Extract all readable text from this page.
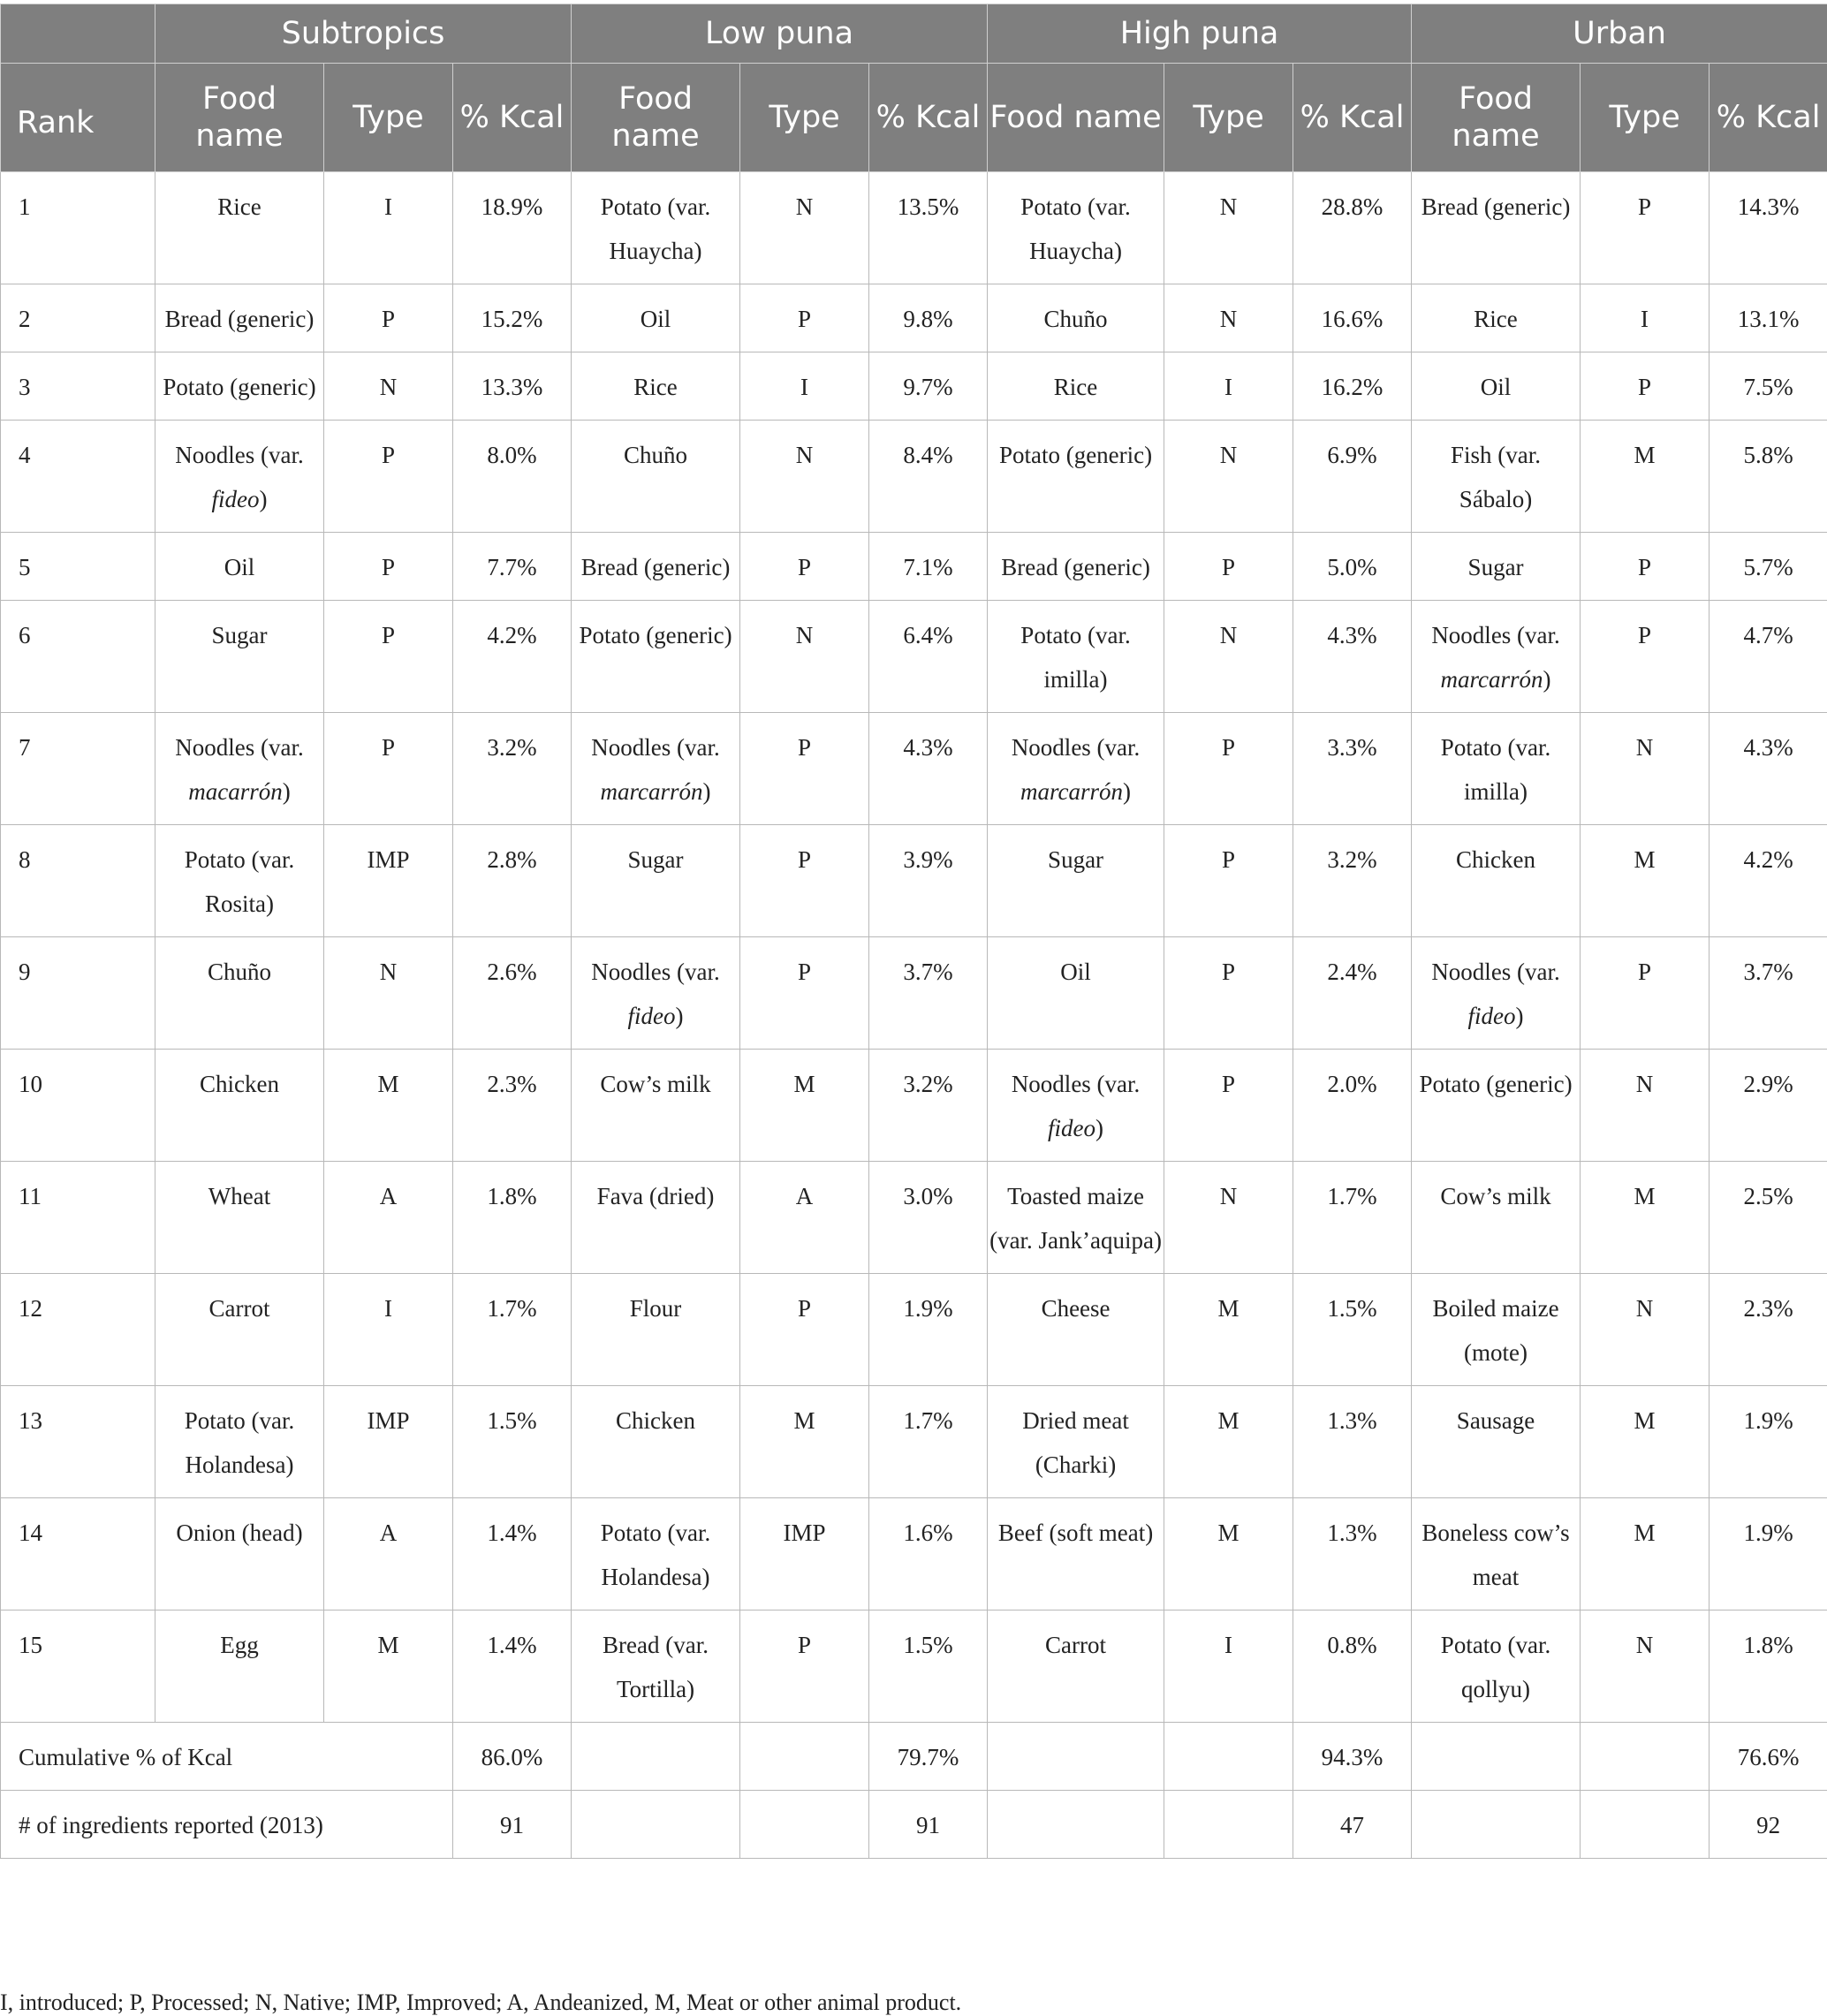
	Subtropics			Low puna			High puna			Urban		
Rank	Food name	Type	% Kcal	Food name	Type	% Kcal	Food name	Type	% Kcal	Food name	Type	% Kcal
1	Rice	I	18.9%	Potato (var. Huaycha)	N	13.5%	Potato (var. Huaycha)	N	28.8%	Bread (generic)	P	14.3%
2	Bread (generic)	P	15.2%	Oil	P	9.8%	Chuño	N	16.6%	Rice	I	13.1%
3	Potato (generic)	N	13.3%	Rice	I	9.7%	Rice	I	16.2%	Oil	P	7.5%
4	Noodles (var. fideo)	P	8.0%	Chuño	N	8.4%	Potato (generic)	N	6.9%	Fish (var. Sábalo)	M	5.8%
5	Oil	P	7.7%	Bread (generic)	P	7.1%	Bread (generic)	P	5.0%	Sugar	P	5.7%
6	Sugar	P	4.2%	Potato (generic)	N	6.4%	Potato (var. imilla)	N	4.3%	Noodles (var. marcarrón)	P	4.7%
7	Noodles (var. macarrón)	P	3.2%	Noodles (var. marcarrón)	P	4.3%	Noodles (var. marcarrón)	P	3.3%	Potato (var. imilla)	N	4.3%
8	Potato (var. Rosita)	IMP	2.8%	Sugar	P	3.9%	Sugar	P	3.2%	Chicken	M	4.2%
9	Chuño	N	2.6%	Noodles (var. fideo)	P	3.7%	Oil	P	2.4%	Noodles (var. fideo)	P	3.7%
10	Chicken	M	2.3%	Cow’s milk	M	3.2%	Noodles (var. fideo)	P	2.0%	Potato (generic)	N	2.9%
11	Wheat	A	1.8%	Fava (dried)	A	3.0%	Toasted maize (var. Jank’aquipa)	N	1.7%	Cow’s milk	M	2.5%
12	Carrot	I	1.7%	Flour	P	1.9%	Cheese	M	1.5%	Boiled maize (mote)	N	2.3%
13	Potato (var. Holandesa)	IMP	1.5%	Chicken	M	1.7%	Dried meat (Charki)	M	1.3%	Sausage	M	1.9%
14	Onion (head)	A	1.4%	Potato (var. Holandesa)	IMP	1.6%	Beef (soft meat)	M	1.3%	Boneless cow’s meat	M	1.9%
15	Egg	M	1.4%	Bread (var. Tortilla)	P	1.5%	Carrot	I	0.8%	Potato (var. qollyu)	N	1.8%
Cumulative % of Kcal			86.0%			79.7%			94.3%			76.6%
# of ingredients reported (2013)			91			91			47			92

I, introduced; P, Processed; N, Native; IMP, Improved; A, Andeanized, M, Meat or other animal product.
